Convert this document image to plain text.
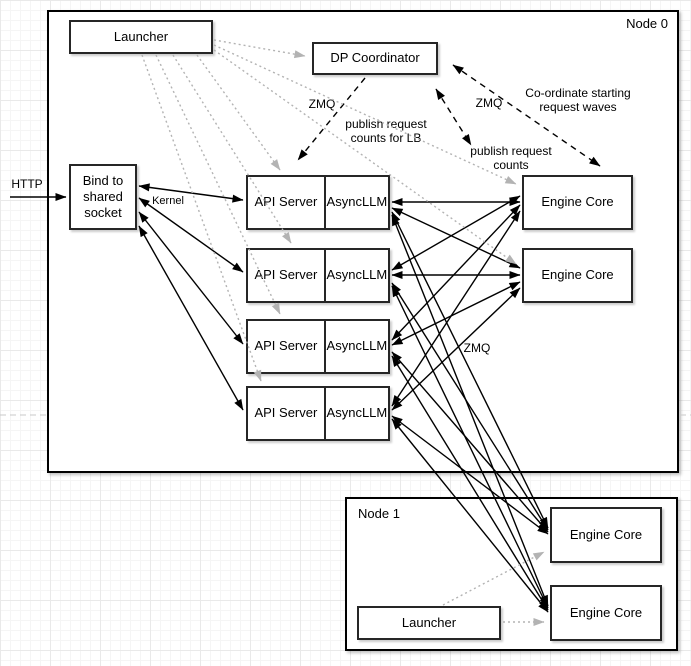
Node 0
Node 1
Launcher
DP Coordinator
Bind to shared socket
API Server AsyncLLM
API Server AsyncLLM
API Server AsyncLLM
API Server AsyncLLM
Engine Core
Engine Core
Launcher
Engine Core
Engine Core
HTTP
Kernel
ZMQ
publish request counts for LB
ZMQ
publish request counts
Co-ordinate starting request waves
ZMQ
